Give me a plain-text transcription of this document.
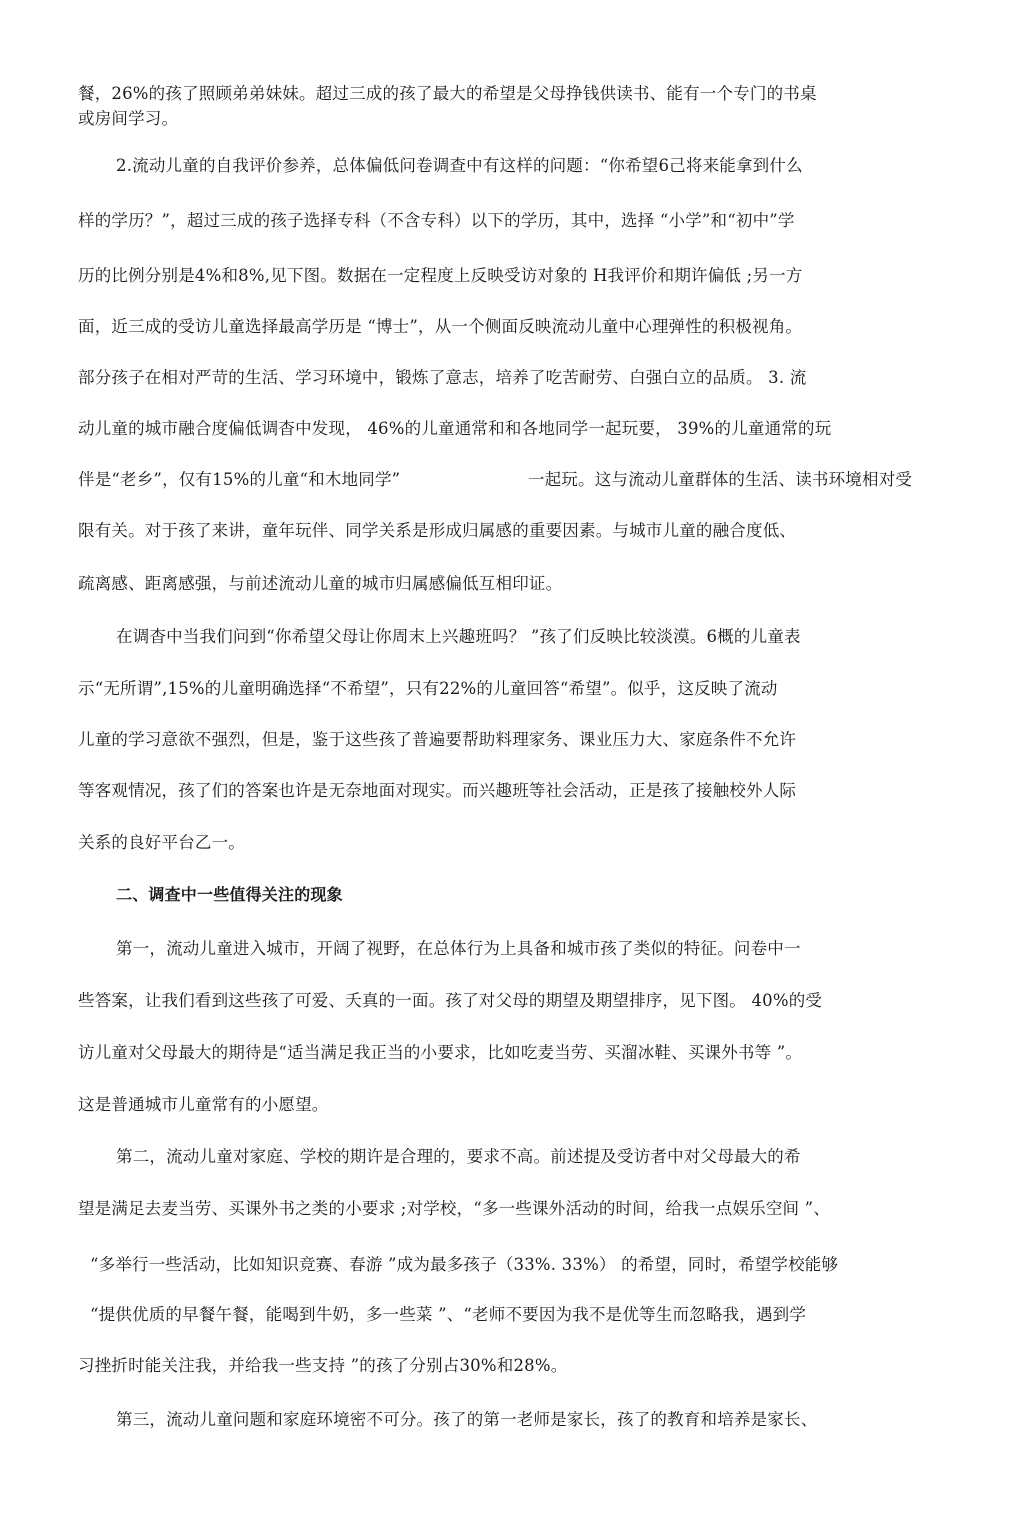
餐，26%的孩了照顾弟弟妹妹。超过三成的孩了最大的希望是父母挣钱供读书、能有一个专门的书桌
或房间学习。
2.流动儿童的自我评价参养，总体偏低问卷调查中有这样的问题：“你希望6己将来能拿到什么
样的学历？”，超过三成的孩子选择专科（不含专科）以下的学历，其中，选择 “小学”和“初中”学
历的比例分别是4%和8%,见下图。数据在一定程度上反映受访对象的 H我评价和期许偏低 ;另一方
面，近三成的受访儿童选择最高学历是 “博士”，从一个侧面反映流动儿童中心理弹性的积极视角。
部分孩子在相对严苛的生活、学习环境中，锻炼了意志，培养了吃苦耐劳、白强白立的品质。 3. 流
动儿童的城市融合度偏低调杳中发现， 46%的儿童通常和和各地同学一起玩要， 39%的儿童通常的玩
伴是“老乡”，仅有15%的儿童“和木地同学”	一起玩。这与流动儿童群体的生活、读书环境相对受
限有关。对于孩了来讲，童年玩伴、同学关系是形成归属感的重要因素。与城市儿童的融合度低、
疏离感、距离感强，与前述流动儿童的城市归属感偏低互相印证。
在调杳中当我们问到“你希望父母让你周末上兴趣班吗？ ”孩了们反映比较淡漠。6概的儿童表
示“无所谓”,15%的儿童明确选择“不希望”，只有22%的儿童回答“希望”。似乎，这反映了流动
儿童的学习意欲不强烈，但是，鉴于这些孩了普遍要帮助料理家务、课业压力大、家庭条件不允许
等客观情况，孩了们的答案也许是无奈地面对现实。而兴趣班等社会活动，正是孩了接触校外人际
关系的良好平台乙一。
二、调查中一些值得关注的现象
第一，流动儿童进入城市，开阔了视野，在总体行为上具备和城市孩了类似的特征。问卷中一
些答案，让我们看到这些孩了可爱、夭真的一面。孩了对父母的期望及期望排序，见下图。 40%的受
访儿童对父母最大的期待是“适当满足我正当的小要求，比如吃麦当劳、买溜冰鞋、买课外书等 ”。
这是普通城市儿童常有的小愿望。
第二，流动儿童对家庭、学校的期许是合理的，要求不高。前述提及受访者中对父母最大的希
望是满足去麦当劳、买课外书之类的小要求 ;对学校，“多一些课外活动的时间，给我一点娱乐空间 ”、
“多举行一些活动，比如知识竞赛、春游 ”成为最多孩子（33%. 33%） 的希望，同时，希望学校能够
“提供优质的早餐午餐，能喝到牛奶，多一些菜 ”、“老师不要因为我不是优等生而忽略我，遇到学
习挫折时能关注我，并给我一些支持 ”的孩了分别占30%和28%。
第三，流动儿童问题和家庭环境密不可分。孩了的第一老师是家长，孩了的教育和培养是家长、
